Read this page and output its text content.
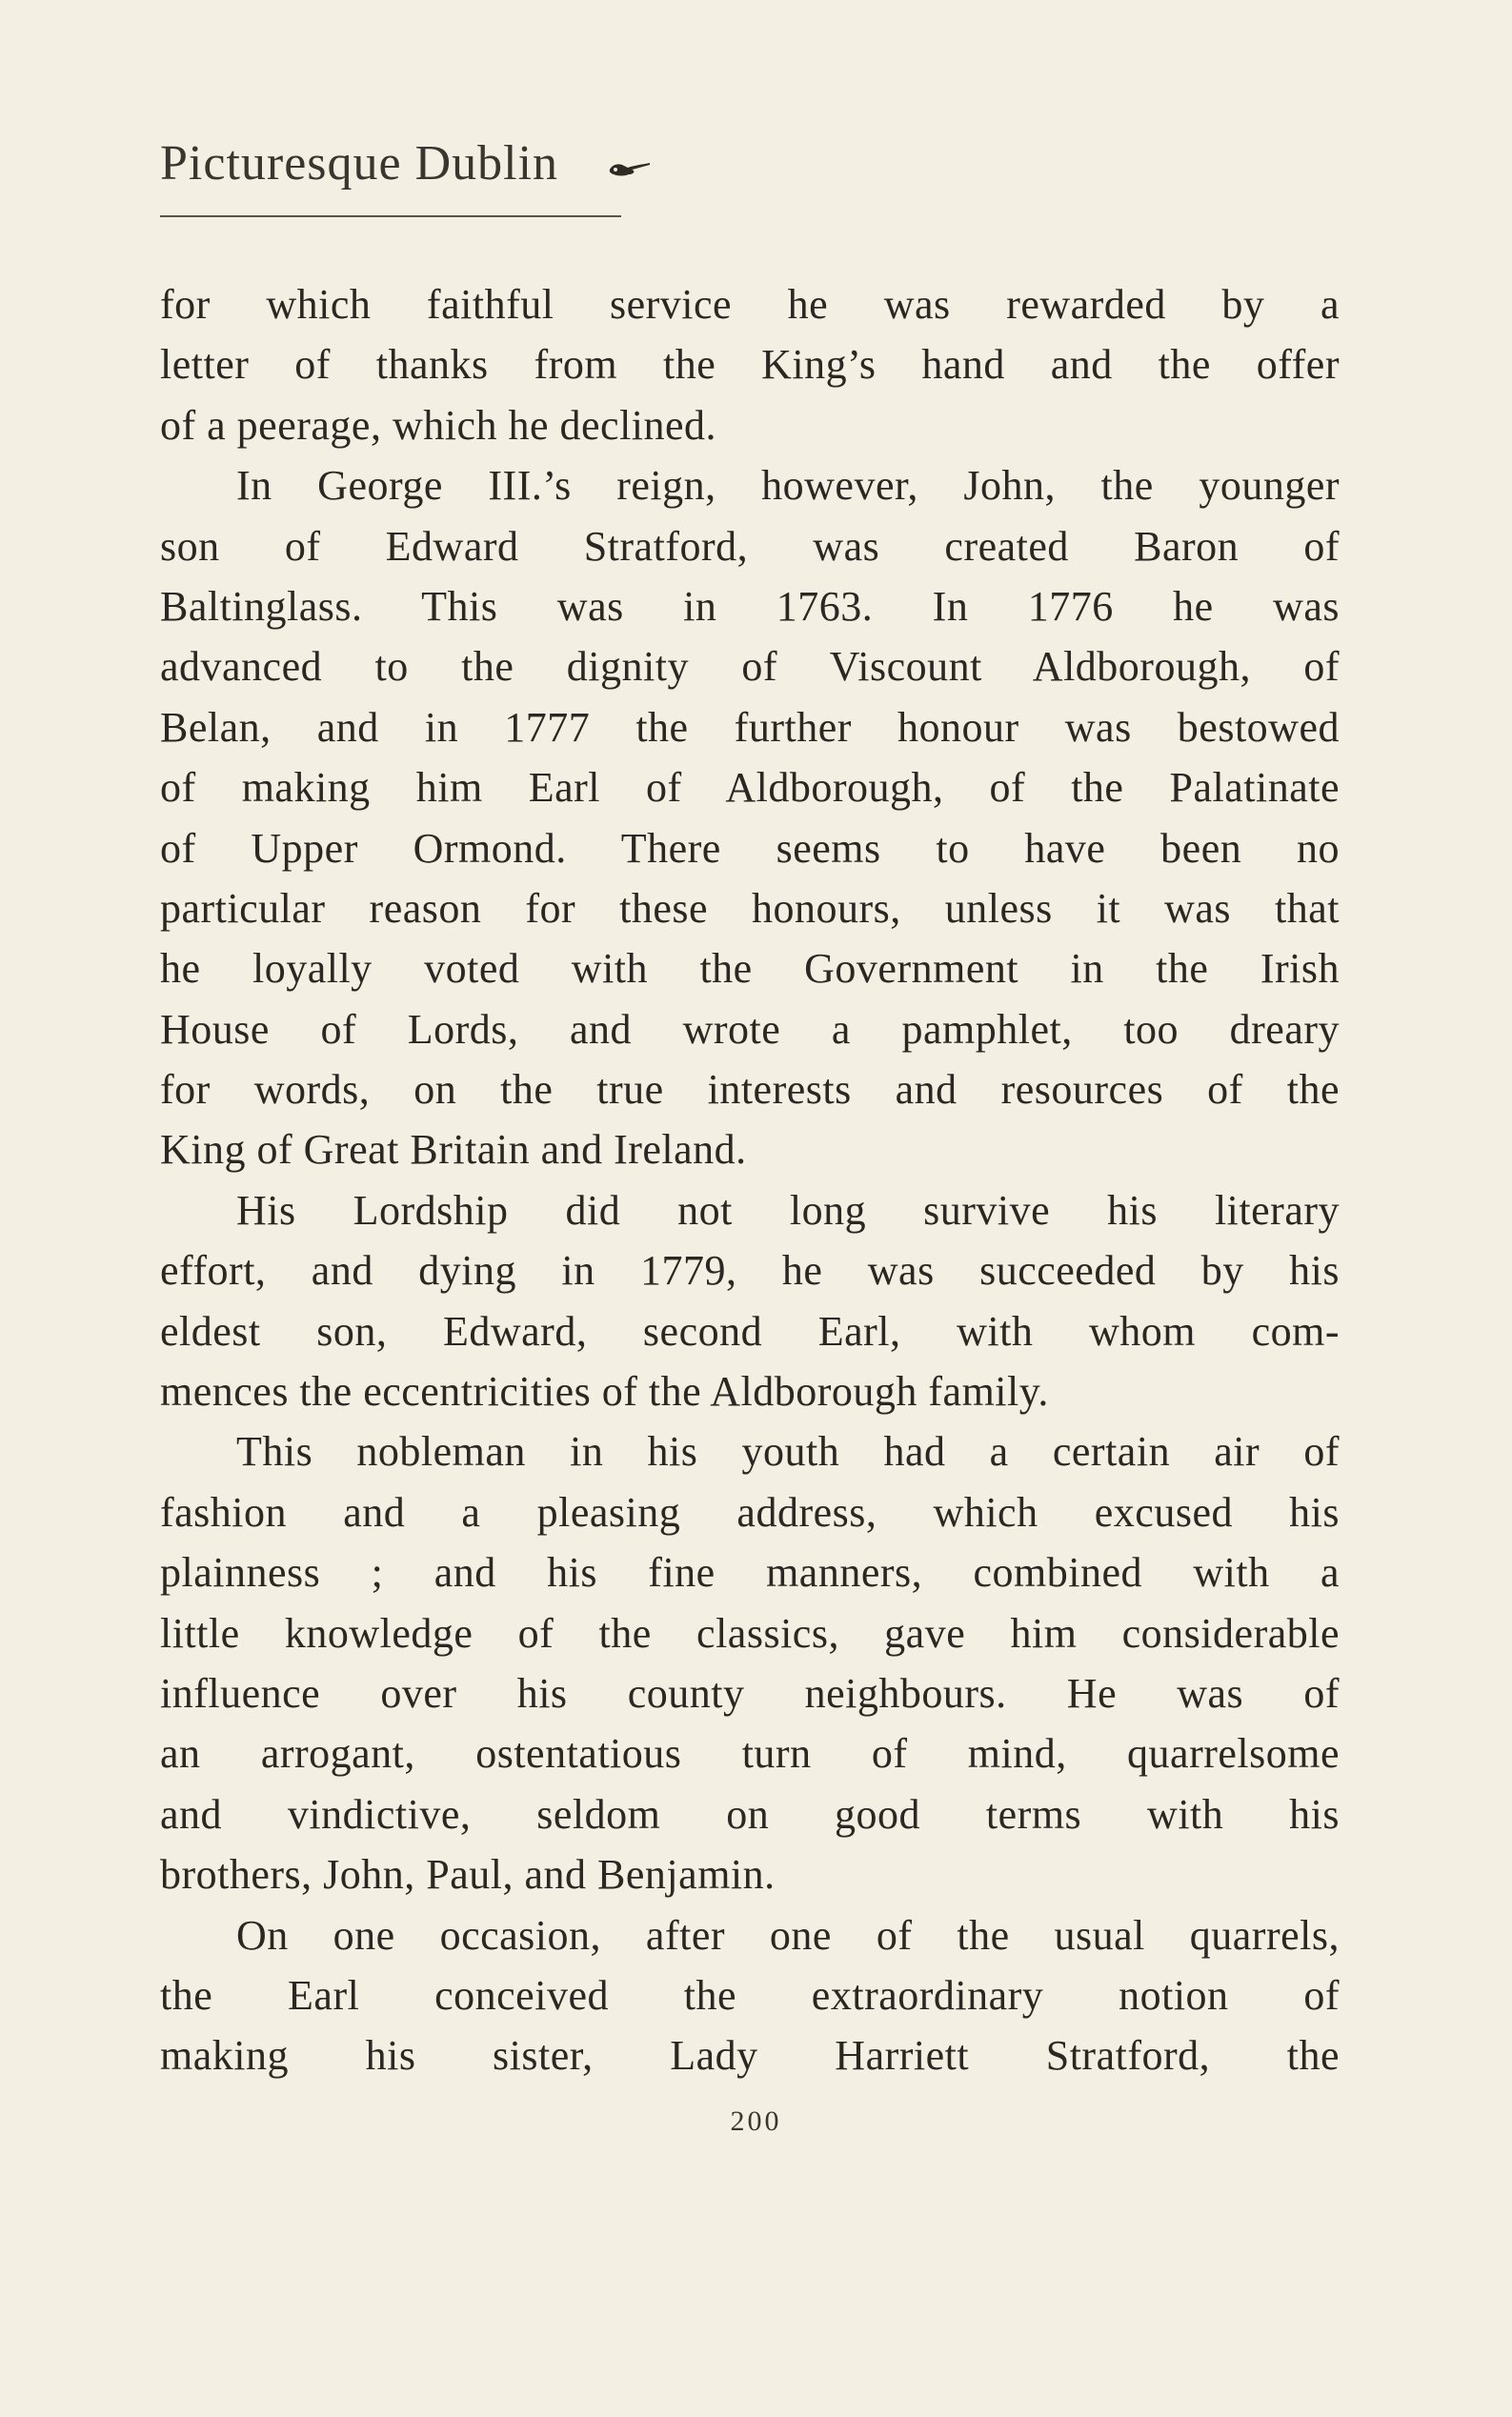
Picturesque Dublin
for which faithful service he was rewarded by a
letter of thanks from the King’s hand and the offer
of a peerage, which he declined.
In George III.’s reign, however, John, the younger
son of Edward Stratford, was created Baron of
Baltinglass. This was in 1763. In 1776 he was
advanced to the dignity of Viscount Aldborough, of
Belan, and in 1777 the further honour was bestowed
of making him Earl of Aldborough, of the Palatinate
of Upper Ormond. There seems to have been no
particular reason for these honours, unless it was that
he loyally voted with the Government in the Irish
House of Lords, and wrote a pamphlet, too dreary
for words, on the true interests and resources of the
King of Great Britain and Ireland.
His Lordship did not long survive his literary
effort, and dying in 1779, he was succeeded by his
eldest son, Edward, second Earl, with whom com-
mences the eccentricities of the Aldborough family.
This nobleman in his youth had a certain air of
fashion and a pleasing address, which excused his
plainness ; and his fine manners, combined with a
little knowledge of the classics, gave him considerable
influence over his county neighbours. He was of
an arrogant, ostentatious turn of mind, quarrelsome
and vindictive, seldom on good terms with his
brothers, John, Paul, and Benjamin.
On one occasion, after one of the usual quarrels,
the Earl conceived the extraordinary notion of
making his sister, Lady Harriett Stratford, the
200
